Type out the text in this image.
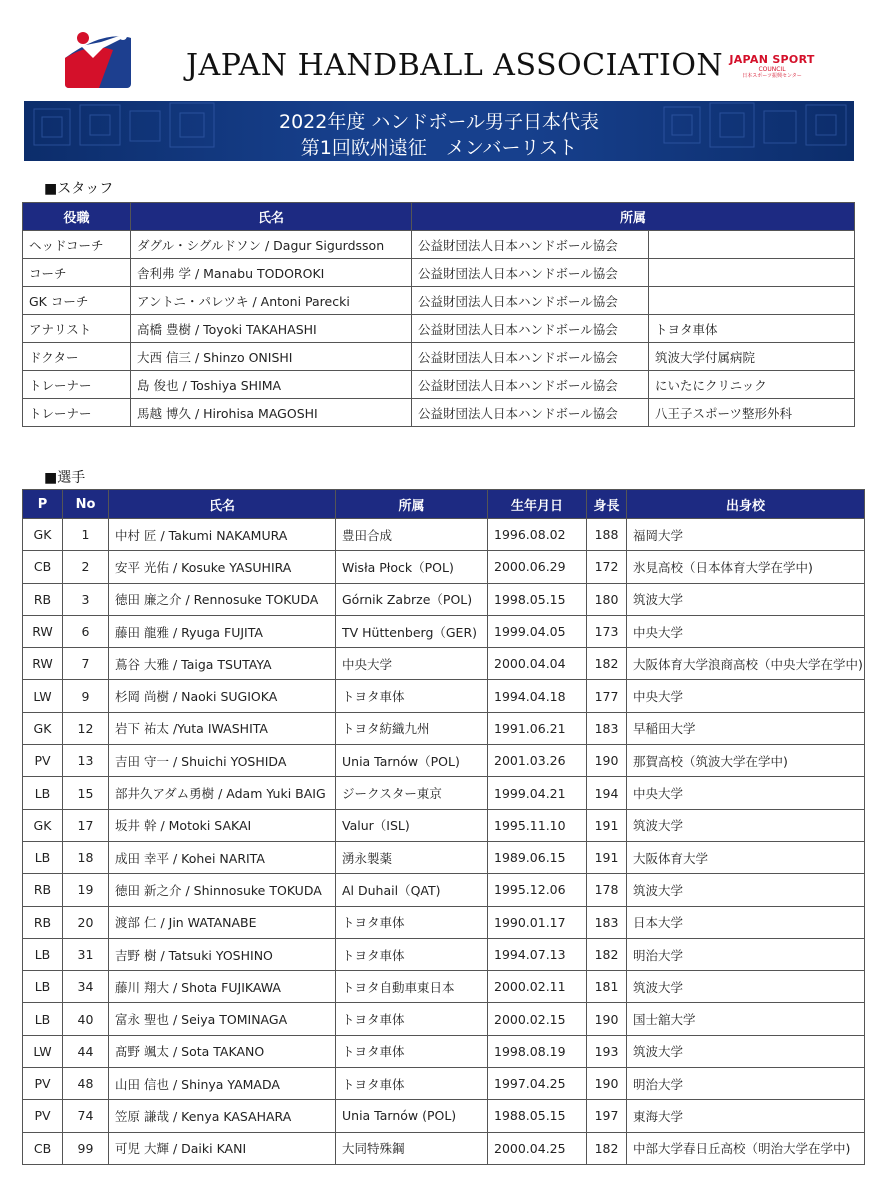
JAPAN HANDBALL ASSOCIATION JAPAN SPORT
COUNCIL
日本スポーツ振興センター
2022年度 ハンドボール男子日本代表
第1回欧州遠征　メンバーリスト
■スタッフ
役職	氏名	所属	
ヘッドコーチ	ダグル・シグルドソン / Dagur Sigurdsson	公益財団法人日本ハンドボール協会	
コーチ	舎利弗 学 / Manabu TODOROKI	公益財団法人日本ハンドボール協会	
GK コーチ	アントニ・パレツキ / Antoni Parecki	公益財団法人日本ハンドボール協会	
アナリスト	高橋 豊樹 / Toyoki TAKAHASHI	公益財団法人日本ハンドボール協会	トヨタ車体
ドクター	大西 信三 / Shinzo ONISHI	公益財団法人日本ハンドボール協会	筑波大学付属病院
トレーナー	島 俊也 / Toshiya SHIMA	公益財団法人日本ハンドボール協会	にいたにクリニック
トレーナー	馬越 博久 / Hirohisa MAGOSHI	公益財団法人日本ハンドボール協会	八王子スポーツ整形外科
■選手
P	No	氏名	所属	生年月日	身長	出身校
GK	1	中村 匠 / Takumi NAKAMURA	豊田合成	1996.08.02	188	福岡大学
CB	2	安平 光佑 / Kosuke YASUHIRA	Wisła Płock（POL)	2000.06.29	172	氷見高校（日本体育大学在学中)
RB	3	徳田 廉之介 / Rennosuke TOKUDA	Górnik Zabrze（POL)	1998.05.15	180	筑波大学
RW	6	藤田 龍雅 / Ryuga FUJITA	TV Hüttenberg（GER)	1999.04.05	173	中央大学
RW	7	蔦谷 大雅 / Taiga TSUTAYA	中央大学	2000.04.04	182	大阪体育大学浪商高校（中央大学在学中)
LW	9	杉岡 尚樹 / Naoki SUGIOKA	トヨタ車体	1994.04.18	177	中央大学
GK	12	岩下 祐太 /Yuta IWASHITA	トヨタ紡織九州	1991.06.21	183	早稲田大学
PV	13	吉田 守一 / Shuichi YOSHIDA	Unia Tarnów（POL)	2001.03.26	190	那賀高校（筑波大学在学中)
LB	15	部井久アダム勇樹 / Adam Yuki BAIG	ジークスター東京	1999.04.21	194	中央大学
GK	17	坂井 幹 / Motoki SAKAI	Valur（ISL)	1995.11.10	191	筑波大学
LB	18	成田 幸平 / Kohei NARITA	湧永製薬	1989.06.15	191	大阪体育大学
RB	19	徳田 新之介 / Shinnosuke TOKUDA	Al Duhail（QAT)	1995.12.06	178	筑波大学
RB	20	渡部 仁 / Jin WATANABE	トヨタ車体	1990.01.17	183	日本大学
LB	31	吉野 樹 / Tatsuki YOSHINO	トヨタ車体	1994.07.13	182	明治大学
LB	34	藤川 翔大 / Shota FUJIKAWA	トヨタ自動車東日本	2000.02.11	181	筑波大学
LB	40	富永 聖也 / Seiya TOMINAGA	トヨタ車体	2000.02.15	190	国士舘大学
LW	44	髙野 颯太 / Sota TAKANO	トヨタ車体	1998.08.19	193	筑波大学
PV	48	山田 信也 / Shinya YAMADA	トヨタ車体	1997.04.25	190	明治大学
PV	74	笠原 謙哉 / Kenya KASAHARA	Unia Tarnów (POL)	1988.05.15	197	東海大学
CB	99	可児 大輝 / Daiki KANI	大同特殊鋼	2000.04.25	182	中部大学春日丘高校（明治大学在学中)
